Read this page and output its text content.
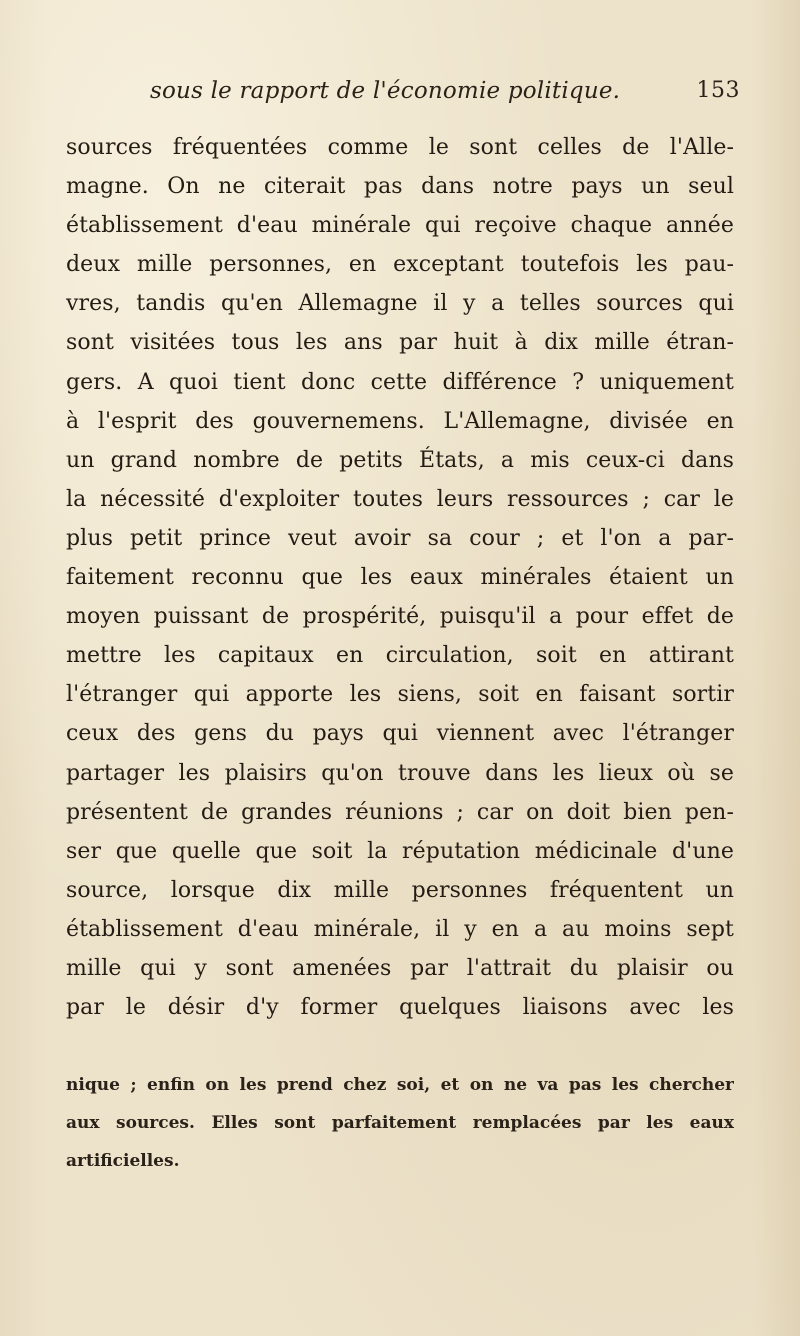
sous le rapport de l'économie politique.	153
sources fréquentées comme le sont celles de l'Alle-
magne. On ne citerait pas dans notre pays un seul
établissement d'eau minérale qui reçoive chaque année
deux mille personnes, en exceptant toutefois les pau-
vres, tandis qu'en Allemagne il y a telles sources qui
sont visitées tous les ans par huit à dix mille étran-
gers. A quoi tient donc cette différence ? uniquement
à l'esprit des gouvernemens. L'Allemagne, divisée en
un grand nombre de petits États, a mis ceux-ci dans
la nécessité d'exploiter toutes leurs ressources ; car le
plus petit prince veut avoir sa cour ; et l'on a par-
faitement reconnu que les eaux minérales étaient un
moyen puissant de prospérité, puisqu'il a pour effet de
mettre les capitaux en circulation, soit en attirant
l'étranger qui apporte les siens, soit en faisant sortir
ceux des gens du pays qui viennent avec l'étranger
partager les plaisirs qu'on trouve dans les lieux où se
présentent de grandes réunions ; car on doit bien pen-
ser que quelle que soit la réputation médicinale d'une
source, lorsque dix mille personnes fréquentent un
établissement d'eau minérale, il y en a au moins sept
mille qui y sont amenées par l'attrait du plaisir ou
par le désir d'y former quelques liaisons avec les
nique ; enfin on les prend chez soi, et on ne va pas les chercher
aux sources. Elles sont parfaitement remplacées par les eaux
artificielles.
